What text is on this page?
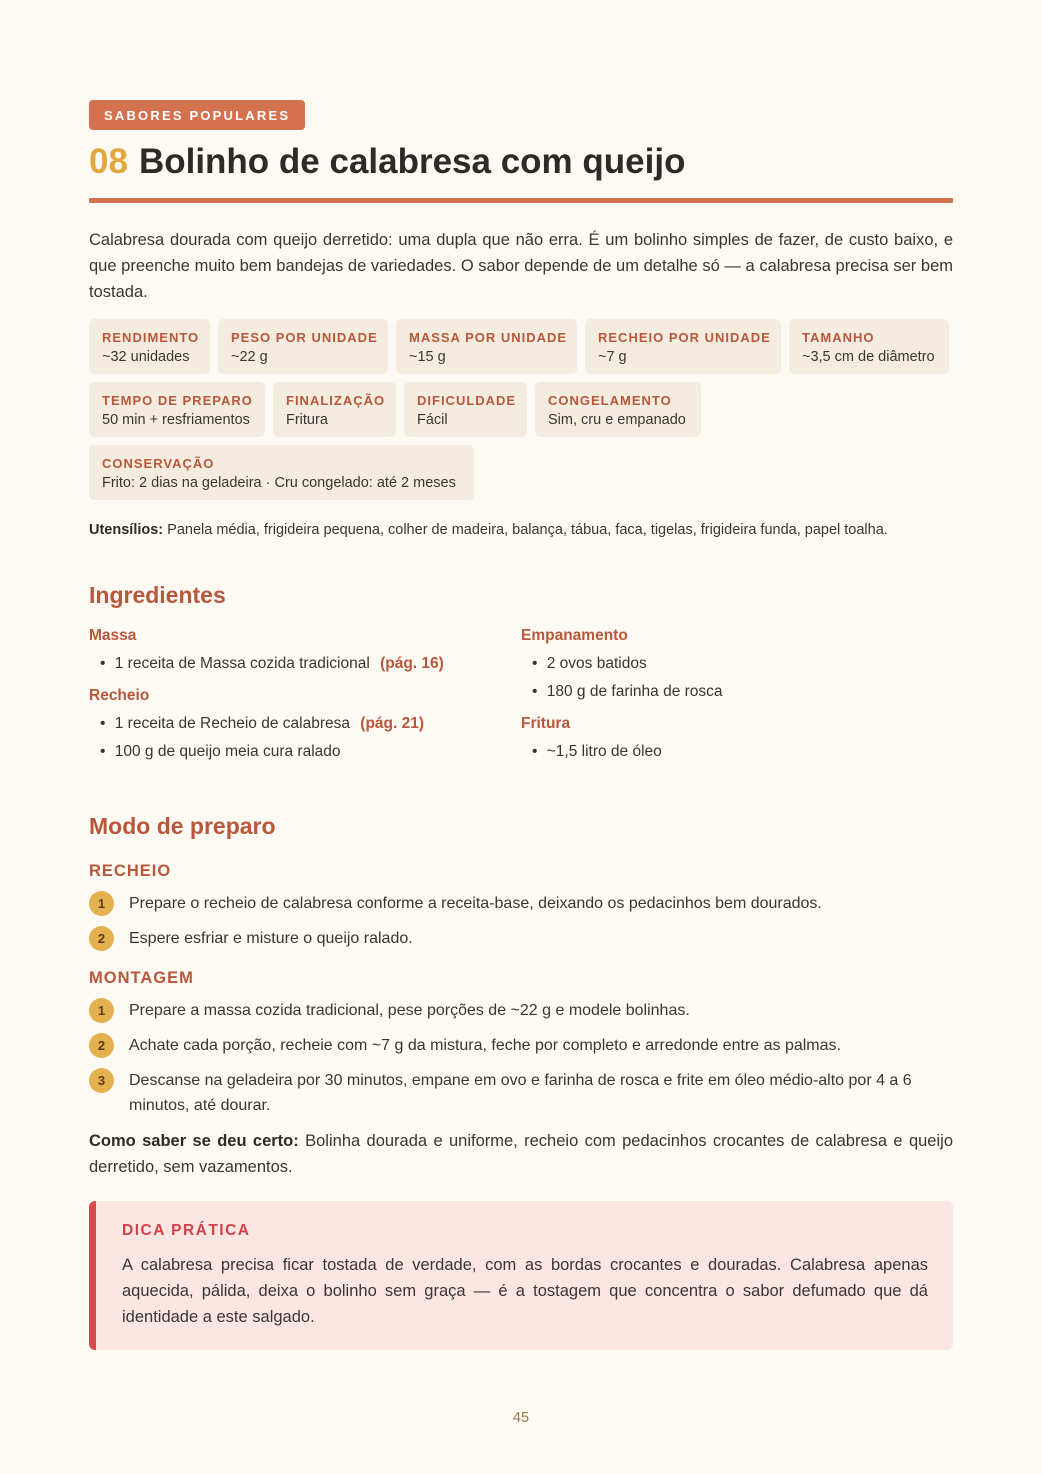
SABORES POPULARES
08 Bolinho de calabresa com queijo

Calabresa dourada com queijo derretido: uma dupla que não erra. É um bolinho simples de fazer, de custo baixo, e que preenche muito bem bandejas de variedades. O sabor depende de um detalhe só — a calabresa precisa ser bem tostada.

RENDIMENTO
~32 unidades
PESO POR UNIDADE
~22 g
MASSA POR UNIDADE
~15 g
RECHEIO POR UNIDADE
~7 g
TAMANHO
~3,5 cm de diâmetro
TEMPO DE PREPARO
50 min + resfriamentos
FINALIZAÇÃO
Fritura
DIFICULDADE
Fácil
CONGELAMENTO
Sim, cru e empanado
CONSERVAÇÃO
Frito: 2 dias na geladeira · Cru congelado: até 2 meses

Utensílios: Panela média, frigideira pequena, colher de madeira, balança, tábua, faca, tigelas, frigideira funda, papel toalha.

Ingredientes
Massa
• 1 receita de Massa cozida tradicional (pág. 16)
Recheio
• 1 receita de Recheio de calabresa (pág. 21)
• 100 g de queijo meia cura ralado
Empanamento
• 2 ovos batidos
• 180 g de farinha de rosca
Fritura
• ~1,5 litro de óleo
Modo de preparo
RECHEIO
1	Prepare o recheio de calabresa conforme a receita-base, deixando os pedacinhos bem dourados.
2	Espere esfriar e misture o queijo ralado.
MONTAGEM
1	Prepare a massa cozida tradicional, pese porções de ~22 g e modele bolinhas.
2	Achate cada porção, recheie com ~7 g da mistura, feche por completo e arredonde entre as palmas.
3	Descanse na geladeira por 30 minutos, empane em ovo e farinha de rosca e frite em óleo médio-alto por 4 a 6 minutos, até dourar.

Como saber se deu certo: Bolinha dourada e uniforme, recheio com pedacinhos crocantes de calabresa e queijo derretido, sem vazamentos.

DICA PRÁTICA

A calabresa precisa ficar tostada de verdade, com as bordas crocantes e douradas. Calabresa apenas aquecida, pálida, deixa o bolinho sem graça — é a tostagem que concentra o sabor defumado que dá identidade a este salgado.

45
